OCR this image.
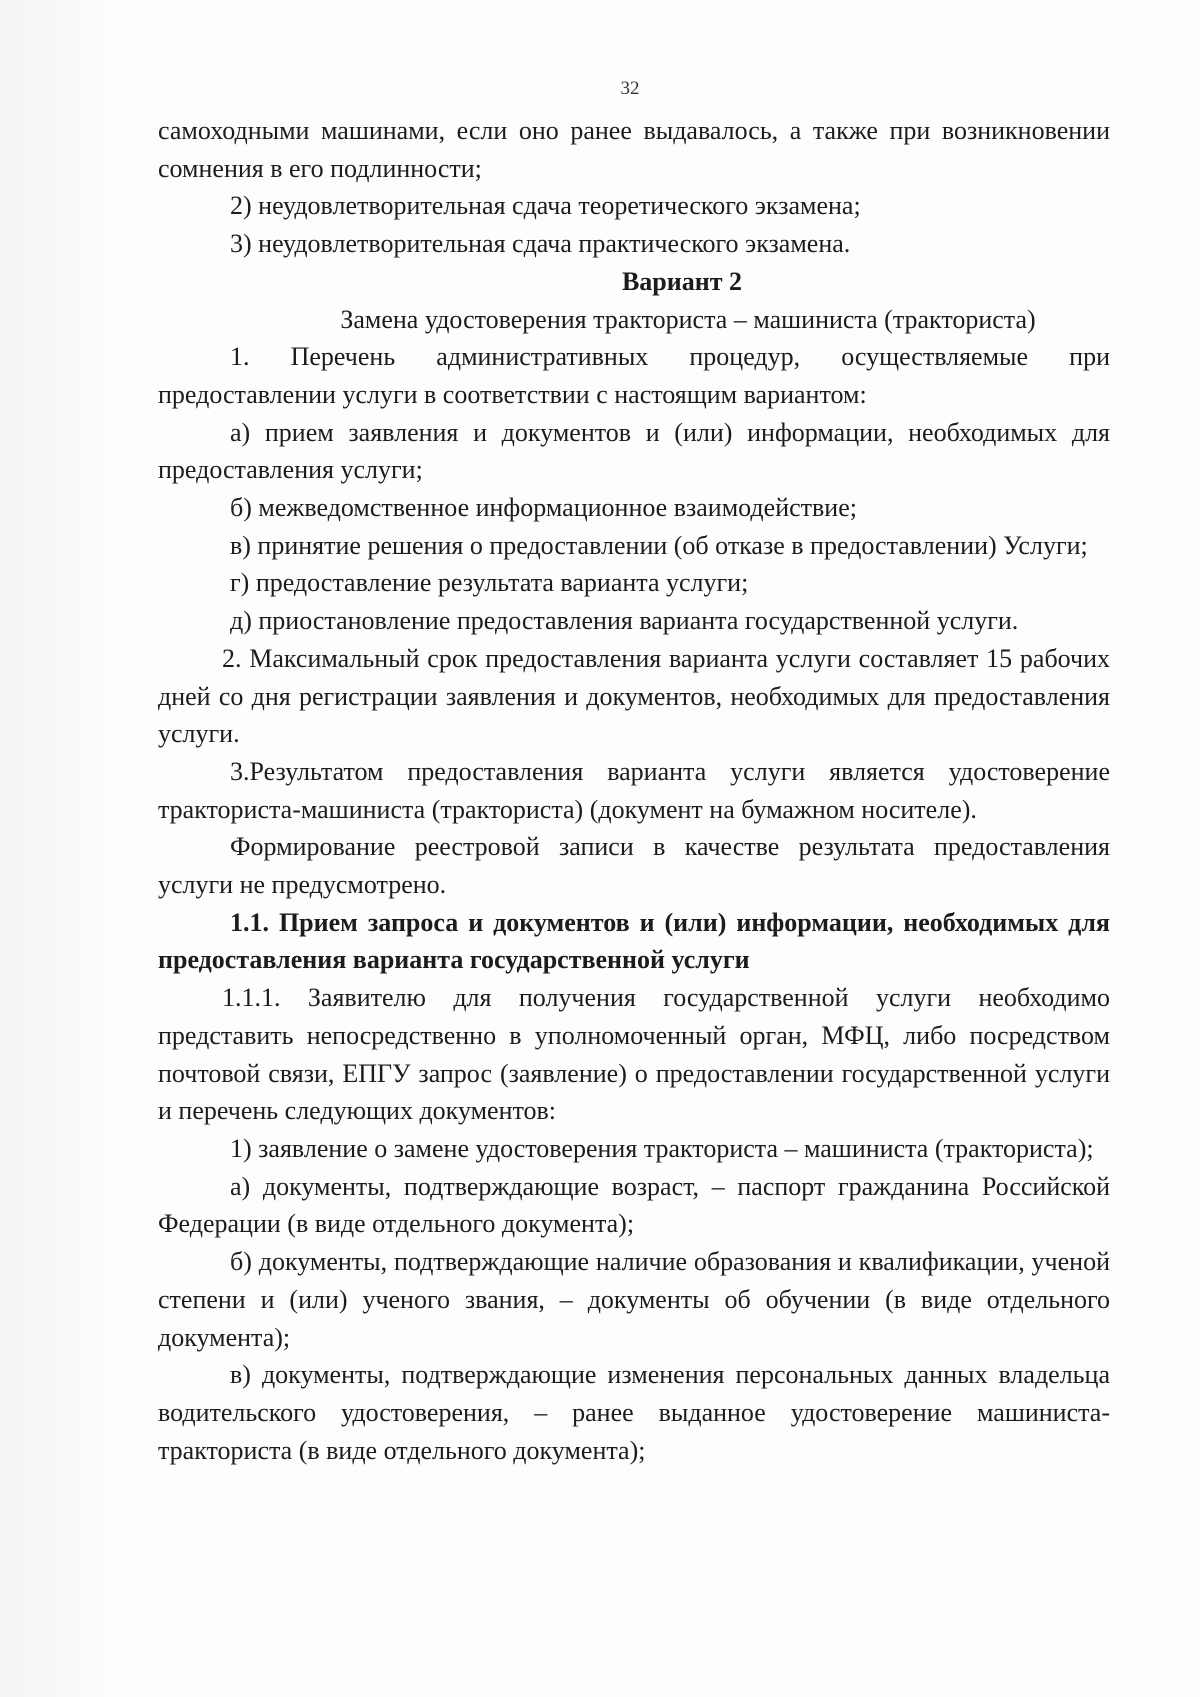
32

самоходными машинами, если оно ранее выдавалось, а также при возникновении сомнения в его подлинности;

2) неудовлетворительная сдача теоретического экзамена;

3) неудовлетворительная сдача практического экзамена.

Вариант 2

Замена удостоверения тракториста – машиниста (тракториста)

1. Перечень административных процедур, осуществляемые при предоставлении услуги в соответствии с настоящим вариантом:

а) прием заявления и документов и (или) информации, необходимых для предоставления услуги;

б) межведомственное информационное взаимодействие;

в) принятие решения о предоставлении (об отказе в предоставлении) Услуги;

г) предоставление результата варианта услуги;

д) приостановление предоставления варианта государственной услуги.

2. Максимальный срок предоставления варианта услуги составляет 15 рабочих дней со дня регистрации заявления и документов, необходимых для предоставления услуги.

3.Результатом предоставления варианта услуги является удостоверение тракториста-машиниста (тракториста) (документ на бумажном носителе).

Формирование реестровой записи в качестве результата предоставления услуги не предусмотрено.

1.1. Прием запроса и документов и (или) информации, необходимых для предоставления варианта государственной услуги

1.1.1. Заявителю для получения государственной услуги необходимо представить непосредственно в уполномоченный орган, МФЦ, либо посредством почтовой связи, ЕПГУ запрос (заявление) о предоставлении государственной услуги и перечень следующих документов:

1) заявление о замене удостоверения тракториста – машиниста (тракториста);

а) документы, подтверждающие возраст, – паспорт гражданина Российской Федерации (в виде отдельного документа);

б) документы, подтверждающие наличие образования и квалификации, ученой степени и (или) ученого звания, – документы об обучении (в виде отдельного документа);

в) документы, подтверждающие изменения персональных данных владельца водительского удостоверения, – ранее выданное удостоверение машиниста-тракториста (в виде отдельного документа);
